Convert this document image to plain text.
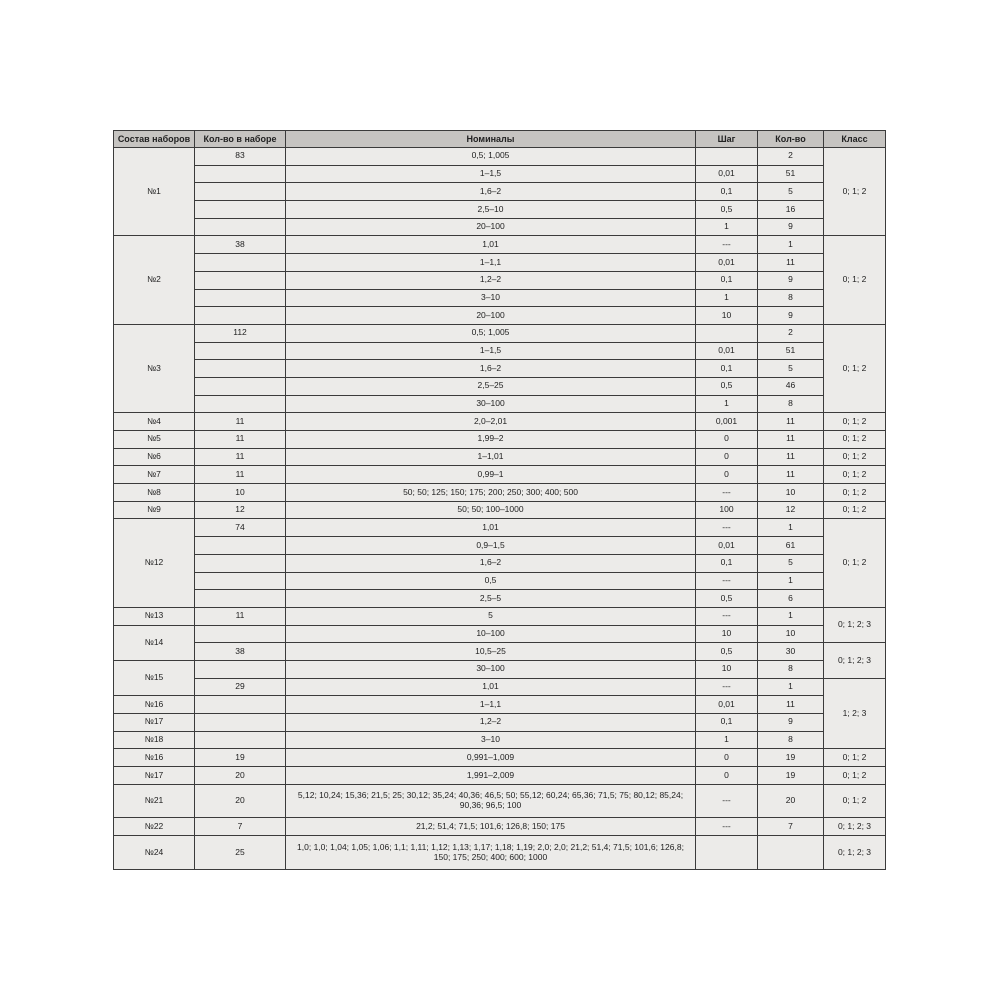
Состав наборов	Кол-во в наборе	Номиналы	Шаг	Кол-во	Класс
№1	83	0,5; 1,005		2	0; 1; 2
		1–1,5	0,01	51	
		1,6–2	0,1	5	
		2,5–10	0,5	16	
		20–100	1	9	
№2	38	1,01	---	1	0; 1; 2
		1–1,1	0,01	11	
		1,2–2	0,1	9	
		3–10	1	8	
		20–100	10	9	
№3	112	0,5; 1,005		2	0; 1; 2
		1–1,5	0,01	51	
		1,6–2	0,1	5	
		2,5–25	0,5	46	
		30–100	1	8	
№4	11	2,0–2,01	0,001	11	0; 1; 2
№5	11	1,99–2	0	11	0; 1; 2
№6	11	1–1,01	0	11	0; 1; 2
№7	11	0,99–1	0	11	0; 1; 2
№8	10	50; 50; 125; 150; 175; 200; 250; 300; 400; 500	---	10	0; 1; 2
№9	12	50; 50; 100–1000	100	12	0; 1; 2
№12	74	1,01	---	1	0; 1; 2
		0,9–1,5	0,01	61	
		1,6–2	0,1	5	
		0,5	---	1	
		2,5–5	0,5	6	
№13	11	5	---	1	0; 1; 2; 3
№14		10–100	10	10	
	38	10,5–25	0,5	30	0; 1; 2; 3
№15		30–100	10	8	
	29	1,01	---	1	1; 2; 3
№16		1–1,1	0,01	11	
№17		1,2–2	0,1	9	
№18		3–10	1	8	
№16	19	0,991–1,009	0	19	0; 1; 2
№17	20	1,991–2,009	0	19	0; 1; 2
№21	20	5,12; 10,24; 15,36; 21,5; 25; 30,12; 35,24; 40,36; 46,5; 50; 55,12; 60,24; 65,36; 71,5; 75; 80,12; 85,24; 90,36; 96,5; 100	---	20	0; 1; 2
№22	7	21,2; 51,4; 71,5; 101,6; 126,8; 150; 175	---	7	0; 1; 2; 3
№24	25	1,0; 1,0; 1,04; 1,05; 1,06; 1,1; 1,11; 1,12; 1,13; 1,17; 1,18; 1,19; 2,0; 2,0; 21,2; 51,4; 71,5; 101,6; 126,8; 150; 175; 250; 400; 600; 1000			0; 1; 2; 3
